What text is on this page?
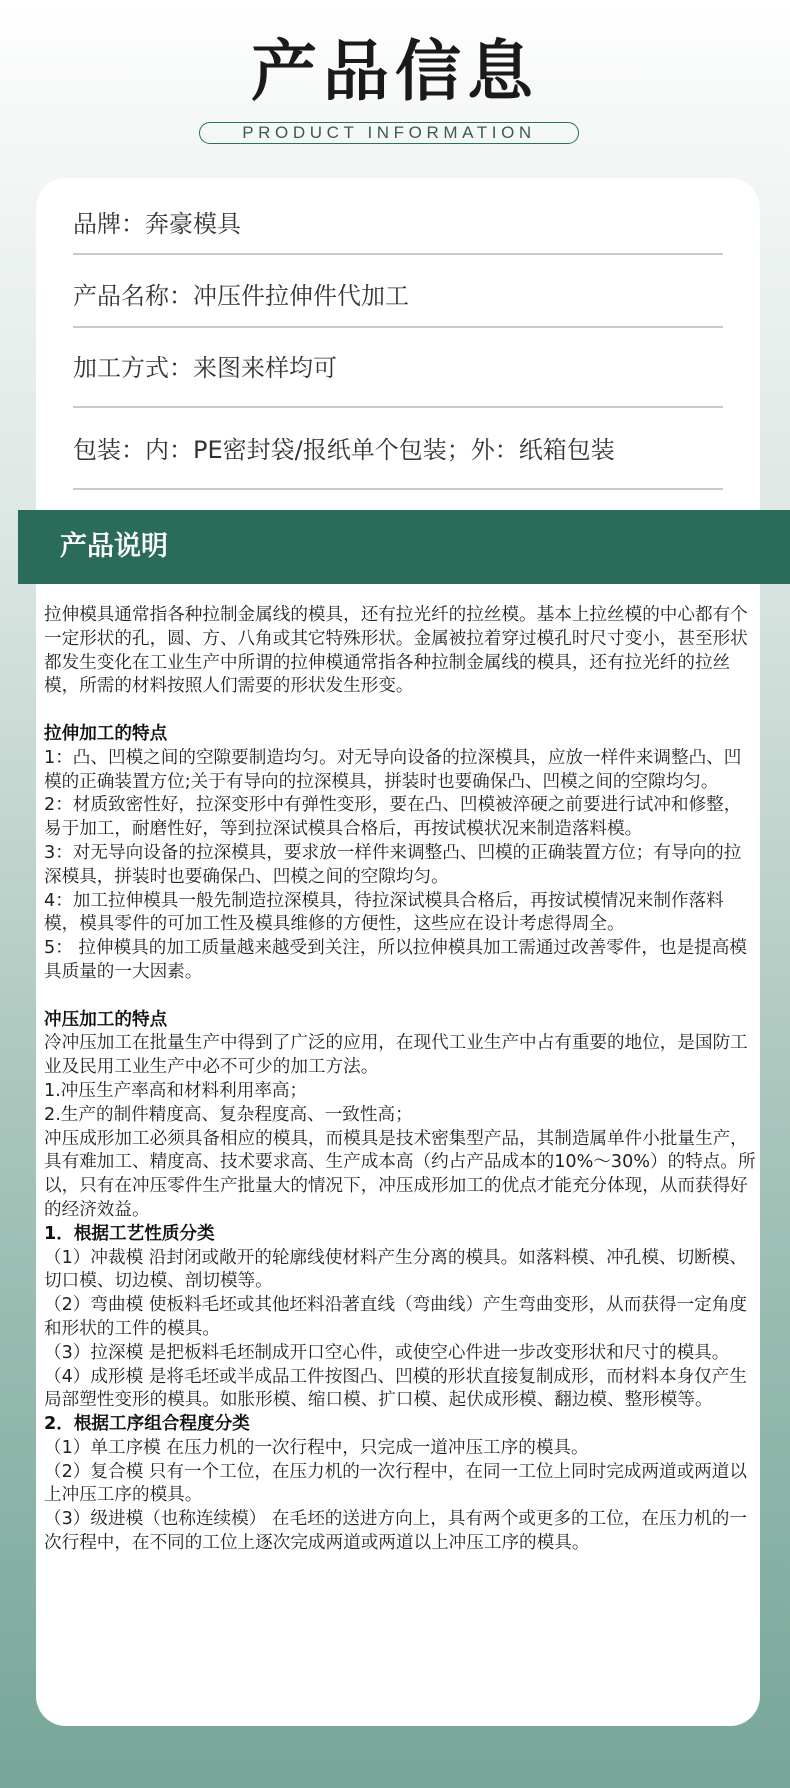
产品信息
PRODUCT INFORMATION
品牌：奔豪模具
产品名称：冲压件拉伸件代加工
加工方式：来图来样均可
包装：内：PE密封袋/报纸单个包装；外：纸箱包装
产品说明

拉伸模具通常指各种拉制金属线的模具，还有拉光纤的拉丝模。基本上拉丝模的中心都有个一定形状的孔，圆、方、八角或其它特殊形状。金属被拉着穿过模孔时尺寸变小，甚至形状都发生变化在工业生产中所谓的拉伸模通常指各种拉制金属线的模具，还有拉光纤的拉丝模，所需的材料按照人们需要的形状发生形变。

拉伸加工的特点

1：凸、凹模之间的空隙要制造均匀。对无导向设备的拉深模具，应放一样件来调整凸、凹模的正确装置方位;关于有导向的拉深模具，拼装时也要确保凸、凹模之间的空隙均匀。

2：材质致密性好，拉深变形中有弹性变形，要在凸、凹模被淬硬之前要进行试冲和修整，易于加工，耐磨性好，等到拉深试模具合格后，再按试模状况来制造落料模。

3：对无导向设备的拉深模具，要求放一样件来调整凸、凹模的正确装置方位；有导向的拉深模具，拼装时也要确保凸、凹模之间的空隙均匀。

4：加工拉伸模具一般先制造拉深模具，待拉深试模具合格后，再按试模情况来制作落料模，模具零件的可加工性及模具维修的方便性，这些应在设计考虑得周全。

5： 拉伸模具的加工质量越来越受到关注，所以拉伸模具加工需通过改善零件，也是提高模具质量的一大因素。

冲压加工的特点

冷冲压加工在批量生产中得到了广泛的应用，在现代工业生产中占有重要的地位，是国防工业及民用工业生产中必不可少的加工方法。

1.冲压生产率高和材料利用率高；

2.生产的制件精度高、复杂程度高、一致性高；

冲压成形加工必须具备相应的模具，而模具是技术密集型产品，其制造属单件小批量生产，具有难加工、精度高、技术要求高、生产成本高（约占产品成本的10%～30%）的特点。所以，只有在冲压零件生产批量大的情况下，冲压成形加工的优点才能充分体现，从而获得好的经济效益。

1．根据工艺性质分类

（1）冲裁模 沿封闭或敞开的轮廓线使材料产生分离的模具。如落料模、冲孔模、切断模、切口模、切边模、剖切模等。

（2）弯曲模 使板料毛坯或其他坯料沿著直线（弯曲线）产生弯曲变形，从而获得一定角度和形状的工件的模具。

（3）拉深模 是把板料毛坯制成开口空心件，或使空心件进一步改变形状和尺寸的模具。

（4）成形模 是将毛坯或半成品工件按图凸、凹模的形状直接复制成形，而材料本身仅产生局部塑性变形的模具。如胀形模、缩口模、扩口模、起伏成形模、翻边模、整形模等。

2．根据工序组合程度分类

（1）单工序模 在压力机的一次行程中，只完成一道冲压工序的模具。

（2）复合模 只有一个工位，在压力机的一次行程中，在同一工位上同时完成两道或两道以上冲压工序的模具。

（3）级进模（也称连续模） 在毛坯的送进方向上，具有两个或更多的工位，在压力机的一次行程中，在不同的工位上逐次完成两道或两道以上冲压工序的模具。
